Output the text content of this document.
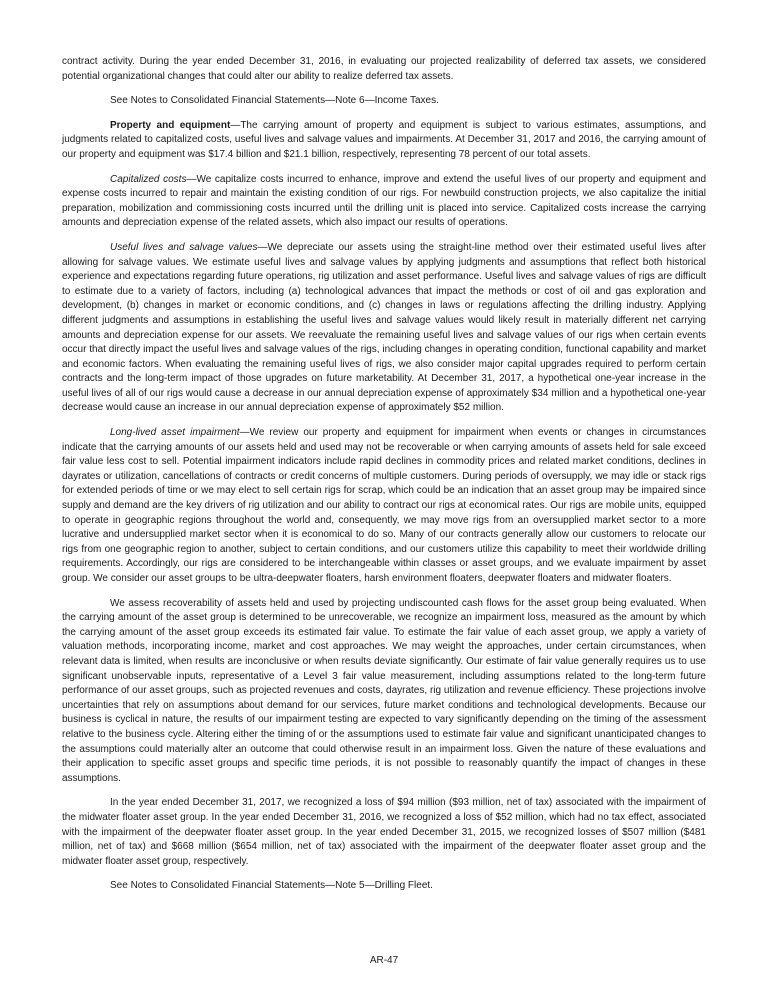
contract activity. During the year ended December 31, 2016, in evaluating our projected realizability of deferred tax assets, we considered potential organizational changes that could alter our ability to realize deferred tax assets.

See Notes to Consolidated Financial Statements—Note 6—Income Taxes.

Property and equipment—The carrying amount of property and equipment is subject to various estimates, assumptions, and judgments related to capitalized costs, useful lives and salvage values and impairments. At December 31, 2017 and 2016, the carrying amount of our property and equipment was $17.4 billion and $21.1 billion, respectively, representing 78 percent of our total assets.

Capitalized costs—We capitalize costs incurred to enhance, improve and extend the useful lives of our property and equipment and expense costs incurred to repair and maintain the existing condition of our rigs. For newbuild construction projects, we also capitalize the initial preparation, mobilization and commissioning costs incurred until the drilling unit is placed into service. Capitalized costs increase the carrying amounts and depreciation expense of the related assets, which also impact our results of operations.

Useful lives and salvage values—We depreciate our assets using the straight-line method over their estimated useful lives after allowing for salvage values. We estimate useful lives and salvage values by applying judgments and assumptions that reflect both historical experience and expectations regarding future operations, rig utilization and asset performance. Useful lives and salvage values of rigs are difficult to estimate due to a variety of factors, including (a) technological advances that impact the methods or cost of oil and gas exploration and development, (b) changes in market or economic conditions, and (c) changes in laws or regulations affecting the drilling industry. Applying different judgments and assumptions in establishing the useful lives and salvage values would likely result in materially different net carrying amounts and depreciation expense for our assets. We reevaluate the remaining useful lives and salvage values of our rigs when certain events occur that directly impact the useful lives and salvage values of the rigs, including changes in operating condition, functional capability and market and economic factors. When evaluating the remaining useful lives of rigs, we also consider major capital upgrades required to perform certain contracts and the long-term impact of those upgrades on future marketability. At December 31, 2017, a hypothetical one-year increase in the useful lives of all of our rigs would cause a decrease in our annual depreciation expense of approximately $34 million and a hypothetical one-year decrease would cause an increase in our annual depreciation expense of approximately $52 million.

Long-lived asset impairment—We review our property and equipment for impairment when events or changes in circumstances indicate that the carrying amounts of our assets held and used may not be recoverable or when carrying amounts of assets held for sale exceed fair value less cost to sell. Potential impairment indicators include rapid declines in commodity prices and related market conditions, declines in dayrates or utilization, cancellations of contracts or credit concerns of multiple customers. During periods of oversupply, we may idle or stack rigs for extended periods of time or we may elect to sell certain rigs for scrap, which could be an indication that an asset group may be impaired since supply and demand are the key drivers of rig utilization and our ability to contract our rigs at economical rates. Our rigs are mobile units, equipped to operate in geographic regions throughout the world and, consequently, we may move rigs from an oversupplied market sector to a more lucrative and undersupplied market sector when it is economical to do so. Many of our contracts generally allow our customers to relocate our rigs from one geographic region to another, subject to certain conditions, and our customers utilize this capability to meet their worldwide drilling requirements. Accordingly, our rigs are considered to be interchangeable within classes or asset groups, and we evaluate impairment by asset group. We consider our asset groups to be ultra-deepwater floaters, harsh environment floaters, deepwater floaters and midwater floaters.

We assess recoverability of assets held and used by projecting undiscounted cash flows for the asset group being evaluated. When the carrying amount of the asset group is determined to be unrecoverable, we recognize an impairment loss, measured as the amount by which the carrying amount of the asset group exceeds its estimated fair value. To estimate the fair value of each asset group, we apply a variety of valuation methods, incorporating income, market and cost approaches. We may weight the approaches, under certain circumstances, when relevant data is limited, when results are inconclusive or when results deviate significantly. Our estimate of fair value generally requires us to use significant unobservable inputs, representative of a Level 3 fair value measurement, including assumptions related to the long-term future performance of our asset groups, such as projected revenues and costs, dayrates, rig utilization and revenue efficiency. These projections involve uncertainties that rely on assumptions about demand for our services, future market conditions and technological developments. Because our business is cyclical in nature, the results of our impairment testing are expected to vary significantly depending on the timing of the assessment relative to the business cycle. Altering either the timing of or the assumptions used to estimate fair value and significant unanticipated changes to the assumptions could materially alter an outcome that could otherwise result in an impairment loss. Given the nature of these evaluations and their application to specific asset groups and specific time periods, it is not possible to reasonably quantify the impact of changes in these assumptions.

In the year ended December 31, 2017, we recognized a loss of $94 million ($93 million, net of tax) associated with the impairment of the midwater floater asset group. In the year ended December 31, 2016, we recognized a loss of $52 million, which had no tax effect, associated with the impairment of the deepwater floater asset group. In the year ended December 31, 2015, we recognized losses of $507 million ($481 million, net of tax) and $668 million ($654 million, net of tax) associated with the impairment of the deepwater floater asset group and the midwater floater asset group, respectively.

See Notes to Consolidated Financial Statements—Note 5—Drilling Fleet.

AR-47
